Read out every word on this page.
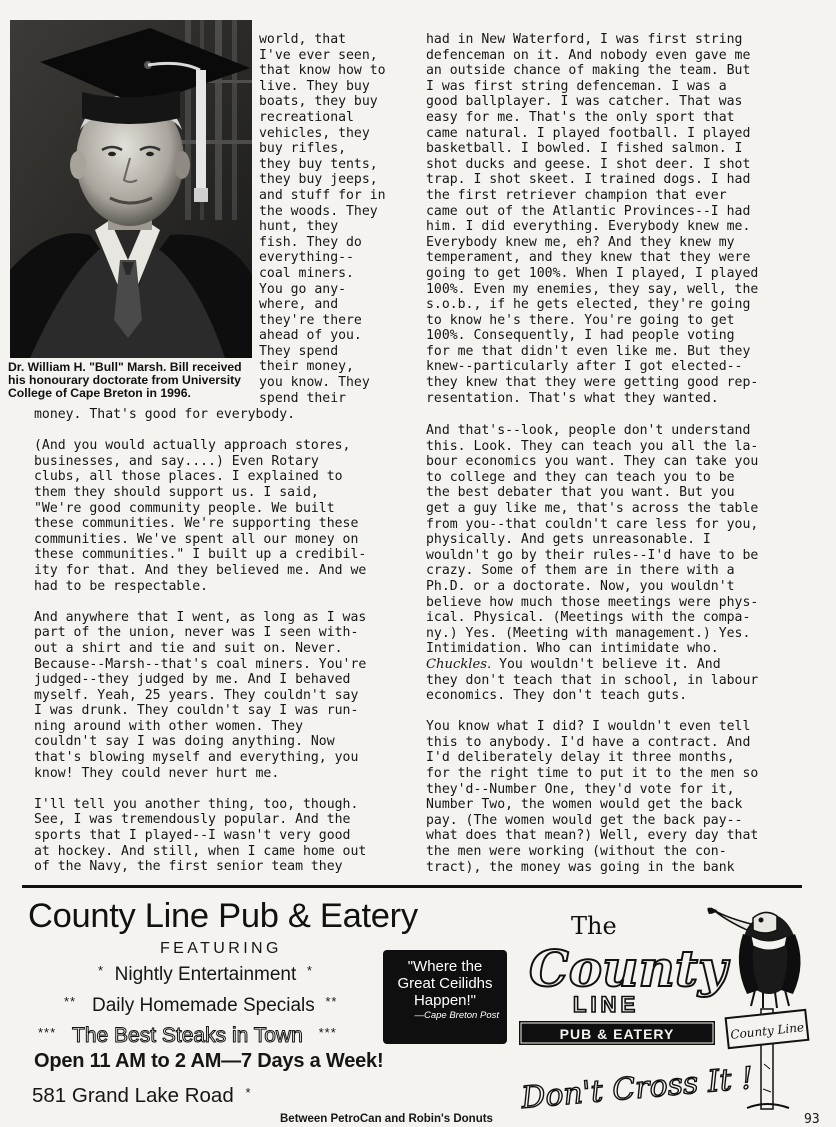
Dr. William H. "Bull" Marsh. Bill received
his honourary doctorate from University
College of Cape Breton in 1996.
world, that
I've ever seen,
that know how to
live. They buy
boats, they buy
recreational
vehicles, they
buy rifles,
they buy tents,
they buy jeeps,
and stuff for in
the woods. They
hunt, they
fish. They do
everything--
coal miners.
You go any-
where, and
they're there
ahead of you.
They spend
their money,
you know. They
spend their
money. That's good for everybody.
(And you would actually approach stores,
businesses, and say....) Even Rotary
clubs, all those places. I explained to
them they should support us. I said,
"We're good community people. We built
these communities. We're supporting these
communities. We've spent all our money on
these communities." I built up a credibil-
ity for that. And they believed me. And we
had to be respectable.
And anywhere that I went, as long as I was
part of the union, never was I seen with-
out a shirt and tie and suit on. Never.
Because--Marsh--that's coal miners. You're
judged--they judged by me. And I behaved
myself. Yeah, 25 years. They couldn't say
I was drunk. They couldn't say I was run-
ning around with other women. They
couldn't say I was doing anything. Now
that's blowing myself and everything, you
know! They could never hurt me.
I'll tell you another thing, too, though.
See, I was tremendously popular. And the
sports that I played--I wasn't very good
at hockey. And still, when I came home out
of the Navy, the first senior team they
had in New Waterford, I was first string
defenceman on it. And nobody even gave me
an outside chance of making the team. But
I was first string defenceman. I was a
good ballplayer. I was catcher. That was
easy for me. That's the only sport that
came natural. I played football. I played
basketball. I bowled. I fished salmon. I
shot ducks and geese. I shot deer. I shot
trap. I shot skeet. I trained dogs. I had
the first retriever champion that ever
came out of the Atlantic Provinces--I had
him. I did everything. Everybody knew me.
Everybody knew me, eh? And they knew my
temperament, and they knew that they were
going to get 100%. When I played, I played
100%. Even my enemies, they say, well, the
s.o.b., if he gets elected, they're going
to know he's there. You're going to get
100%. Consequently, I had people voting
for me that didn't even like me. But they
knew--particularly after I got elected--
they knew that they were getting good rep-
resentation. That's what they wanted.
And that's--look, people don't understand
this. Look. They can teach you all the la-
bour economics you want. They can take you
to college and they can teach you to be
the best debater that you want. But you
get a guy like me, that's across the table
from you--that couldn't care less for you,
physically. And gets unreasonable. I
wouldn't go by their rules--I'd have to be
crazy. Some of them are in there with a
Ph.D. or a doctorate. Now, you wouldn't
believe how much those meetings were phys-
ical. Physical. (Meetings with the compa-
ny.) Yes. (Meeting with management.) Yes.
Intimidation. Who can intimidate who.
Chuckles. You wouldn't believe it. And
they don't teach that in school, in labour
economics. They don't teach guts.
You know what I did? I wouldn't even tell
this to anybody. I'd have a contract. And
I'd deliberately delay it three months,
for the right time to put it to the men so
they'd--Number One, they'd vote for it,
Number Two, the women would get the back
pay. (The women would get the back pay--
what does that mean?) Well, every day that
the men were working (without the con-
tract), the money was going in the bank
County Line Pub & Eatery
FEATURING
* Nightly Entertainment *
** Daily Homemade Specials **
*** The Best Steaks in Town ***
"Where the
Great Ceilidhs
Happen!"
—Cape Breton Post
Open 11 AM to 2 AM—7 Days a Week!
581 Grand Lake Road *
Between PetroCan and Robin's Donuts
The
County
LINE
PUB & EATERY	County Line
Don't Cross It !
93
